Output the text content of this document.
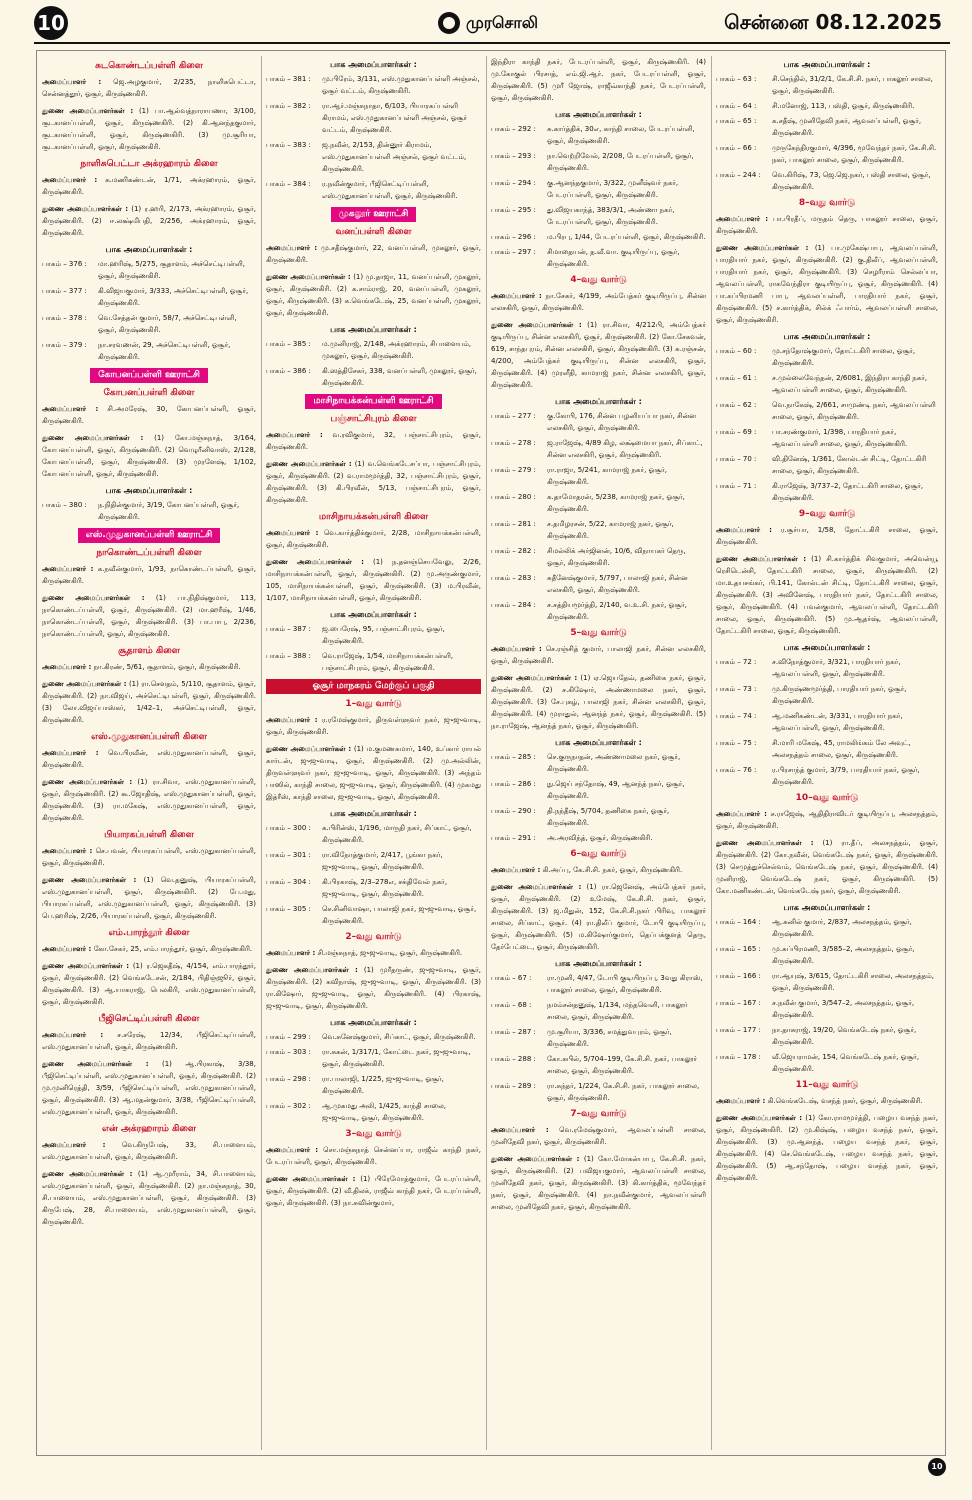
10	முரசொலி	சென்னை 08.12.2025
சுடகொண்டப்பள்ளி கிளை

அமைப்பாளர் : ஜெ.அழகுமார், 2/235, நாளிசுபெட்டா, சென்னத்தூர், ஓசூர், கிருஷ்ணகிரி.

துணை அமைப்பாளர்கள் : (1) பா.ஆல்வத்நாராயணா, 3/100, சூடகானப்பள்ளி, ஓசூர், கிருஷ்ணகிரி. (2) கி.ஆனந்தகுமார், சூடகானப்பள்ளி, ஓசூர், கிருஷ்ணகிரி. (3) மு.சூரியா, சூடகானப்பள்ளி, ஓசூர், கிருஷ்ணகிரி.

நாளிசுபெட்டா அக்ரஹாரம் கிளை

அமைப்பாளர் : க.மணிகண்டன், 1/71, அக்ரஹாரம், ஓசூர், கிருஷ்ணகிரி.

துணை அமைப்பாளர்கள் : (1) ர.ஹரி, 2/173, அக்ரஹாரம், ஓசூர், கிருஷ்ணகிரி. (2) ஈ.லக்ஷ்மிபதி, 2/256, அக்ரஹாரம், ஓசூர், கிருஷ்ணகிரி.

பாக அமைப்பாளர்கள் :
பாகம் – 376 :	மா.ஹரிஷ், 5/275, சூதாளம், அச்செட்டிபள்ளி, ஓசூர், கிருஷ்ணகிரி.
பாகம் – 377 :	கி.விஜயகுமார், 3/333, அச்செட்டிபள்ளி, ஓசூர், கிருஷ்ணகிரி.
பாகம் – 378 :	வெ.சேத்தன் குமார், 58/7, அச்செட்டிபள்ளி, ஓசூர், கிருஷ்ணகிரி.
பாகம் – 379 :	நா.சரவணன், 29, அச்செட்டிபள்ளி, ஓசூர், கிருஷ்ணகிரி.
கோபனப்பள்ளி ஊராட்சி
கோபனப்பள்ளி கிளை

அமைப்பாளர் : சி.அமரேஷ், 30, கோபனப்பள்ளி, ஓசூர், கிருஷ்ணகிரி.

துணை அமைப்பாளர்கள் : (1) கோ.மஞ்சுநாத், 3/164, கோபனப்பள்ளி, ஓசூர், கிருஷ்ணகிரி. (2) வெழுரீனிவாஸ், 2/128, கோபனப்பள்ளி, ஓசூர், கிருஷ்ணகிரி. (3) முரளேஷ், 1/102, கோபனப்பள்ளி, ஓசூர், கிருஷ்ணகிரி.

பாக அமைப்பாளர்கள் :
பாகம் – 380 :	ந.நிதின்குமார், 3/19, கோபனப்பள்ளி, ஓசூர், கிருஷ்ணகிரி.
எஸ்.முதுகானப்பள்ளி ஊராட்சி
நாகொண்டப்பள்ளி கிளை

அமைப்பாளர் : க.நவீன்குமார், 1/93, நாகொண்டப்பள்ளி, ஓசூர், கிருஷ்ணகிரி.

துணை அமைப்பாளர்கள் : (1) பா.நிதிஷ்குமார், 113, நாகொண்டப்பள்ளி, ஓசூர், கிருஷ்ணகிரி. (2) மா.ஹரீஷ், 1/46, நாகொண்டப்பள்ளி, ஓசூர், கிருஷ்ணகிரி. (3) பா.பாபு, 2/236, நாகொண்டப்பள்ளி, ஓசூர், கிருஷ்ணகிரி.

சூதாளம் கிளை

அமைப்பாளர் : நா.கிரண், 5/61, சூதாளம், ஓசூர், கிருஷ்ணகிரி.

துணை அமைப்பாளர்கள் : (1) ரா.சௌதம், 5/110, சூதாளம், ஓசூர், கிருஷ்ணகிரி. (2) நா.விஜய், அச்செட்டிபள்ளி, ஓசூர், கிருஷ்ணகிரி. (3) லோ.விஜய்பாஸ்கர், 1/42–1, அச்செட்டிபள்ளி, ஓசூர், கிருஷ்ணகிரி.

எஸ்.முதுகானப்பள்ளி கிளை

அமைப்பாளர் : வெ.பிரவீன், எஸ்.முதுகானப்பள்ளி, ஓசூர், கிருஷ்ணகிரி.

துணை அமைப்பாளர்கள் : (1) ரா.சிவா, எஸ்.முதுகானப்பள்ளி, ஓசூர், கிருஷ்ணகிரி. (2) கூ.ஜோதிஷ், எஸ்.முதுகானப்பள்ளி, ஓசூர், கிருஷ்ணகிரி. (3) ரா.மகேஷ், எஸ்.முதுகானப்பள்ளி, ஓசூர், கிருஷ்ணகிரி.

பியாரகப்பள்ளி கிளை

அமைப்பாளர் : செ.பவன், பியாரகப்பள்ளி, எஸ்.முதுகானப்பள்ளி, ஓசூர், கிருஷ்ணகிரி.

துணை அமைப்பாளர்கள் : (1) வெ.தனுஷ், பியாரகப்பள்ளி, எஸ்.முதுகானப்பள்ளி, ஓசூர், கிருஷ்ணகிரி. (2) பே.மது, பியாரகப்பள்ளி, எஸ்.முதுகானப்பள்ளி, ஓசூர், கிருஷ்ணகிரி. (3) பெ.ஹரிஷ், 2/26, பியாரகப்பள்ளி, ஓசூர், கிருஷ்ணகிரி.

எம்.பாரந்தூர் கிளை

அமைப்பாளர் : கோ.சேகர், 25, எம்.பாரந்தூர், ஓசூர், கிருஷ்ணகிரி.

துணை அமைப்பாளர்கள் : (1) ர.ஜெகதீஷ், 4/154, எம்.பாரந்தூர், ஓசூர், கிருஷ்ணகிரி. (2) வெங்கடேசன், 2/184, பிதிஞ்ஜூர், ஓசூர், கிருஷ்ணகிரி. (3) ஆ.யாசுராஜ், பெலகிரி, எஸ்.முதுகானப்பள்ளி, ஓசூர், கிருஷ்ணகிரி.

பீஜிசெட்டிப்பள்ளி கிளை

அமைப்பாளர் : ச.சரேஷ், 12/34, பீஜிசெட்டிப்பள்ளி, எஸ்.முதுகானப்பள்ளி, ஓசூர், கிருஷ்ணகிரி.

துணை அமைப்பாளர்கள் : (1) ஆ.பிரகாஷ், 3/38, பீஜிசெட்டிப்பள்ளி, எஸ்.முதுகானப்பள்ளி, ஓசூர், கிருஷ்ணகிரி. (2) மு.முனிரெத்தி, 3/59, பீஜிசெட்டிப்பள்ளி, எஸ்.முதுகானப்பள்ளி, ஓசூர், கிருஷ்ணகிரி. (3) ஆ.மதன்குமார், 3/38, பீஜிசெட்டிப்பள்ளி, எஸ்.முதுகானப்பள்ளி, ஓசூர், கிருஷ்ணகிரி.

என் அக்ரஹாரம் கிளை

அமைப்பாளர் : வெ.கிருபேஷ், 33, சி.பாளையம், எஸ்.முதுகானப்பள்ளி, ஓசூர், கிருஷ்ணகிரி.

துணை அமைப்பாளர்கள் : (1) ஆ.முரீராம், 34, சி.பாளையம், எஸ்.முதுகானப்பள்ளி, ஓசூர், கிருஷ்ணகிரி. (2) நா.மஞ்சுநாத், 30, சி.பாளையம், எஸ்.முதுகானப்பள்ளி, ஓசூர், கிருஷ்ணகிரி. (3) கிருபேஷ், 28, சி.பாளையம், எஸ்.முதுகானப்பள்ளி, ஓசூர், கிருஷ்ணகிரி.

பாக அமைப்பாளர்கள் :
பாகம் – 381 :	மு.பிரேம், 3/131, எஸ்.முதுகானப்பள்ளி அஞ்சல், ஓசூர் வட்டம், கிருஷ்ணகிரி.
பாகம் – 382 :	ரா.ஆர்.மஞ்சுநாதா, 6/103, பியாரகப்பள்ளி கிராமம், எஸ்.முதுகானப்பள்ளி அஞ்சல், ஓசூர் வட்டம், கிருஷ்ணகிரி.
பாகம் – 383 :	ஜ.நவீன், 2/153, தின்னூர் கிராமம், எஸ்.முதுகானப்பள்ளி அஞ்சல், ஓசூர் வட்டம், கிருஷ்ணகிரி.
பாகம் – 384 :	ர.நவீன்குமார், பீஜிசெட்டிப்பள்ளி, எஸ்.முதுகானப்பள்ளி, ஓசூர், கிருஷ்ணகிரி.
முகலூர் ஊராட்சி
வனப்பள்ளி கிளை

அமைப்பாளர் : மு.சதீஷ்குமார், 22, வனப்பள்ளி, முகலூர், ஓசூர், கிருஷ்ணகிரி.

துணை அமைப்பாளர்கள் : (1) மு.தாஜா, 11, வனப்பள்ளி, முகலூர், ஓசூர், கிருஷ்ணகிரி. (2) க.சாம்ராஜ், 20, வனப்பள்ளி, முகலூர், ஓசூர், கிருஷ்ணகிரி. (3) க.வெங்கடேஷ், 25, வனப்பள்ளி, முகலூர், ஓசூர், கிருஷ்ணகிரி.

பாக அமைப்பாளர்கள் :
பாகம் – 385 :	ம.முனிராஜ், 2/148, அக்ரஹாரம், சிபாளையம், முகலூர், ஓசூர், கிருஷ்ணகிரி.
பாகம் – 386 :	கி.ஸத்திசேகர், 338, வனப்பள்ளி, முகலூர், ஓசூர், கிருஷ்ணகிரி.
மாசிநாயக்கன்பள்ளி ஊராட்சி
பஞ்சாட்சிபுரம் கிளை

அமைப்பாளர் : வ.ரவிகுமார், 32, பஞ்சாட்சிபுரம், ஓசூர், கிருஷ்ணகிரி.

துணை அமைப்பாளர்கள் : (1) வ.வெங்கடேசப்பா, பஞ்சாட்சிபுரம், ஓசூர், கிருஷ்ணகிரி. (2) வ.ராமமூர்த்தி, 32, பஞ்சாட்சிபுரம், ஓசூர், கிருஷ்ணகிரி. (3) கி.பிரவீன், 5/13, பஞ்சாட்சிபுரம், ஓசூர், கிருஷ்ணகிரி.

மாசிநாயக்கன்பள்ளி கிளை

அமைப்பாளர் : வெ.கார்த்திக்குமார், 2/28, மாசிநாயக்கன்பள்ளி, ஓசூர், கிருஷ்ணகிரி.

துணை அமைப்பாளர்கள் : (1) ந.தனஞ்செயவேலு, 2/26, மாசிநாயக்கன்பள்ளி, ஓசூர், கிருஷ்ணகிரி. (2) மு.அருண்குமார், 105, மாசிநாயக்கன்பள்ளி, ஓசூர், கிருஷ்ணகிரி. (3) ம.பிரவீன், 1/107, மாசிநாயக்கன்பள்ளி, ஓசூர், கிருஷ்ணகிரி.

பாக அமைப்பாளர்கள் :
பாகம் – 387 :	ஜ.பைரேஷ், 95, பஞ்சாட்சிபுரம், ஓசூர், கிருஷ்ணகிரி.
பாகம் – 388 :	வெ.ராஜேஷ், 1/54, மாசிநாயக்கன்பள்ளி, பஞ்சாட்சிபுரம், ஓசூர், கிருஷ்ணகிரி.
ஓசூர் மாநகரம் மேற்குப் பகுதி
1–வது வார்டு

அமைப்பாளர் : ர.ரமேஷ்குமார், திருவள்ளுவர் நகர், ஜுஜுவாடி, ஓசூர், கிருஷ்ணகிரி.

துணை அமைப்பாளர்கள் : (1) ம.குமணசுமார், 140, உப்கார் ராயல் கார்டன், ஜுஜுவாடி, ஓசூர், கிருஷ்ணகிரி. (2) மு.அல்லின், திருவள்ளுவர் நகர், ஜுஜுவாடி, ஓசூர், கிருஷ்ணகிரி. (3) அந்தம் பாஸில், காந்தி சாலை, ஜுஜுவாடி, ஓசூர், கிருஷ்ணகிரி. (4) முகமது இத்ரீஸ், காந்தி சாலை, ஜுஜுவாடி, ஓசூர், கிருஷ்ணகிரி.

பாக அமைப்பாளர்கள் :
பாகம் – 300 :	க.பிரின்ஸ், 1/196, மாருதி நகர், சிப்காட், ஓசூர், கிருஷ்ணகிரி.
பாகம் – 301 :	ரா.விநோத்குமார், 2/417, பூங்கா நகர், ஜுஜுவாடி, ஓசூர், கிருஷ்ணகிரி.
பாகம் – 304 :	கி.பிரகாஷ், 2/3–278எ, சக்திவேல் நகர், ஜுஜுவாடி, ஓசூர், கிருஷ்ணகிரி.
பாகம் – 305 :	செ.சினிவாஷா, பாலாஜி நகர், ஜுஜுவாடி, ஓசூர், கிருஷ்ணகிரி.
2–வது வார்டு

அமைப்பாளர் : சி.மஞ்சுநாத், ஜுஜுவாடி, ஓசூர், கிருஷ்ணகிரி.

துணை அமைப்பாளர்கள் : (1) முரீதருண், ஜுஜுவாடி, ஓசூர், கிருஷ்ணகிரி. (2) கவிநாஷ், ஜுஜுவாடி, ஓசூர், கிருஷ்ணகிரி. (3) ரா.கிஷோர், ஜுஜுவாடி, ஓசூர், கிருஷ்ணகிரி. (4) பிரகாஷ், ஜுஜுவாடி, ஓசூர், கிருஷ்ணகிரி.

பாக அமைப்பாளர்கள் :
பாகம் – 299 :	வெ.சுனேஷ்குமார், சிப்காட், ஓசூர், கிருஷ்ணகிரி.
பாகம் – 303 :	ரா.சுகன், 1/317/1, கோட்டை நகர், ஜுஜுவாடி, ஓசூர், கிருஷ்ணகிரி.
பாகம் – 298 :	ரா.பாலாஜி, 1/225, ஜுஜுவாடி, ஓசூர், கிருஷ்ணகிரி.
பாகம் – 302 :	ஆ.முகமது அலி, 1/425, காந்தி சாலை, ஜுஜுவாடி, ஓசூர், கிருஷ்ணகிரி.
3–வது வார்டு

அமைப்பாளர் : சொ.மஞ்சுநாத் சென்னப்பா, ராஜீவ் காந்தி நகர், பேடரப்பள்ளி, ஓசூர், கிருஷ்ணகிரி.

துணை அமைப்பாளர்கள் : (1) பிரேமோத்குமார், பேடரப்பள்ளி, ஓசூர், கிருஷ்ணகிரி. (2) வீ.திலக், ராஜீவ் காந்தி நகர், பேடரப்பள்ளி, ஓசூர், கிருஷ்ணகிரி. (3) நா.சுவின்குமார்,

இந்திரா காந்தி நகர், பேடரப்பள்ளி, ஓசூர், கிருஷ்ணகிரி. (4) மு.கோகுல் பிரசாத், எம்.ஜி.ஆர். நகர், பேடரப்பள்ளி, ஓசூர், கிருஷ்ணகிரி. (5) முரீ ஜோஷ், ராஜீவ்காந்தி நகர், பேடரப்பள்ளி, ஓசூர், கிருஷ்ணகிரி.

பாக அமைப்பாளர்கள் :
பாகம் – 292 :	சு.கார்த்திக், 30எ, காந்தி சாலை, பேடரப்பள்ளி, ஓசூர், கிருஷ்ணகிரி.
பாகம் – 293 :	நா.வெற்றிவேல், 2/208, பேடரப்பள்ளி, ஓசூர், கிருஷ்ணகிரி.
பாகம் – 294 :	கு.ஆனந்தகுமார், 3/322, முனீஷ்வர் நகர், பேடரப்பள்ளி, ஓசூர், கிருஷ்ணகிரி.
பாகம் – 295 :	து.விஜயகாந்த், 383/3/1, அண்ணா நகர், பேடரப்பள்ளி, ஓசூர், கிருஷ்ணகிரி.
பாகம் – 296 :	ம.பிரபு, 1/44, பேடரப்பள்ளி, ஓசூர், கிருஷ்ணகிரி.
பாகம் – 297 :	சிமாதையன், த.வீ.வா. குடியிருப்பு, ஓசூர், கிருஷ்ணகிரி.
4–வது வார்டு

அமைப்பாளர் : நா.சேகர், 4/199, அம்பேத்கர் குடியிருப்பு, சின்ன எலசகிரி, ஓசூர், கிருஷ்ணகிரி.

துணை அமைப்பாளர்கள் : (1) ரா.சிவா, 4/212பி, அம்பேத்கர் குடியிருப்பு, சின்ன எலசகிரி, ஓசூர், கிருஷ்ணகிரி. (2) கோ.சேகவன், 619, சாந்தபுரம், சின்ன எலசகிரி, ஓசூர், கிருஷ்ணகிரி. (3) சு.ரஞ்சன், 4/200, அம்பேத்கர் குடியிருப்பு, சின்ன எலசகிரி, ஓசூர், கிருஷ்ணகிரி. (4) முரளீதி, காமராஜ் நகர், சின்ன எலசகிரி, ஓசூர், கிருஷ்ணகிரி.

பாக அமைப்பாளர்கள் :
பாகம் – 277 :	கு.கோபி, 176, சின்ன பழனியப்பா நகர், சின்ன எலசகிரி, ஓசூர், கிருஷ்ணகிரி.
பாகம் – 278 :	ஜ.ராஜேஷ், 4/89 கிழ, லக்ஷ்மையா நகர், சிப்காட், சின்ன எலசகிரி, ஓசூர், கிருஷ்ணகிரி.
பாகம் – 279 :	ரா.ராஜா, 5/241, காமராஜ் நகர், ஓசூர், கிருஷ்ணகிரி.
பாகம் – 280 :	க.தாமோதரன், 5/238, காமராஜ் நகர், ஓசூர், கிருஷ்ணகிரி.
பாகம் – 281 :	ச.தமிழரசன், 5/22, காமராஜ் நகர், ஓசூர், கிருஷ்ணகிரி.
பாகம் – 282 :	சிமல்லிக் அர்ஜினன், 10/6, விநாயகர் தெரு, ஓசூர், கிருஷ்ணகிரி.
பாகம் – 283 :	சுதீனேஷ்குமார், 5/797, பாலாஜி நகர், சின்ன எலசகிரி, ஓசூர், கிருஷ்ணகிரி.
பாகம் – 284 :	ச.சத்தியமூர்த்தி, 2/140, வ.உ.சி. நகர், ஓசூர், கிருஷ்ணகிரி.
5–வது வார்டு

அமைப்பாளர் : செ.ரஞ்சித் குமார், பாலாஜி நகர், சின்ன எலசகிரி, ஓசூர், கிருஷ்ணகிரி.

துணை அமைப்பாளர்கள் : (1) ஏ.ஜெயதேவ், தணிகை நகர், ஓசூர், கிருஷ்ணகிரி. (2) ச.கிஷோர், அண்ணாமலை நகர், ஓசூர், கிருஷ்ணகிரி. (3) சே.புகழ், பாலாஜி நகர், சின்ன எலசகிரி, ஓசூர், கிருஷ்ணகிரி. (4) முராதுல், ஆனந்த் நகர், ஓசூர், கிருஷ்ணகிரி. (5) நா.ராஜேஷ், ஆனந்த் நகர், ஓசூர், கிருஷ்ணகிரி.

பாக அமைப்பாளர்கள் :
பாகம் – 285 :	செ.குருநாதன், அண்ணாமலை நகர், ஓசூர், கிருஷ்ணகிரி.
பாகம் – 286 :	நு.ஜெய் சந்தோஷ், 49, ஆனந்த் நகர், ஓசூர், கிருஷ்ணகிரி.
பாகம் – 290 :	தி.நந்தீஷ், 5/704, தணிகை நகர், ஓசூர், கிருஷ்ணகிரி.
பாகம் – 291 :	அ.அரவிந்த், ஓசூர், கிருஷ்ணகிரி.
6–வது வார்டு

அமைப்பாளர் : கி.அப்பு, கே.சி.சி. நகர், ஓசூர், கிருஷ்ணகிரி.

துணை அமைப்பாளர்கள் : (1) ரா.ஜெனேஷ், அம்பேத்கர் நகர், ஓசூர், கிருஷ்ணகிரி. (2) உமேஷ், கே.சி.சி. நகர், ஓசூர், கிருஷ்ணகிரி. (3) ஜ.மிதுன், 152, கே.சி.சி.நகர் பிரிவு, பாகலூர் சாலை, சிப்காட், ஓசூர். (4) ரா.திலீப் குமார், டோபி குடியிருப்பு, ஓசூர், கிருஷ்ணகிரி. (5) ம.கிஷோர்குமார், தெப்பக்குளத் தெரு, தேர்பேட்டை, ஓசூர், கிருஷ்ணகிரி.

பாக அமைப்பாளர்கள் :
பாகம் – 67 :	ரா.முனி, 4/47, டோபி குடியிருப்பு, 3வது கிராஸ், பாகலூர் சாலை, ஓசூர், கிருஷ்ணகிரி.
பாகம் – 68 :	நமம்சன்தனுஷ், 1/134, மந்தவெளி, பாகலூர் சாலை, ஓசூர், கிருஷ்ணகிரி.
பாகம் – 287 :	மு.சூரியா, 3/336, சமத்துவபுரம், ஓசூர், கிருஷ்ணகிரி.
பாகம் – 288 :	கோ.சுபில், 5/704–199, கே.சி.சி. நகர், பாகலூர் சாலை, ஓசூர், கிருஷ்ணகிரி.
பாகம் – 289 :	ரா.சுந்தர், 1/224, கே.சி.சி. நகர், பாகலூர் சாலை, ஓசூர், கிருஷ்ணகிரி.
7–வது வார்டு

அமைப்பாளர் : வெ.ரமேஷ்குமார், ஆவலப்பள்ளி சாலை, முனிதேவி நகர், ஓசூர், கிருஷ்ணகிரி.

துணை அமைப்பாளர்கள் : (1) கோ.மோகன்பாபு, கே.சி.சி. நகர், ஓசூர், கிருஷ்ணகிரி. (2) பவிஜயகுமார், ஆவலப்பள்ளி சாலை, முனிதேவி நகர், ஓசூர், கிருஷ்ணகிரி. (3) கி.கார்த்திக், மூவேந்தர் நகர், ஓசூர், கிருஷ்ணகிரி. (4) நா.நவீன்குமார், ஆவலப்பள்ளி சாலை, முனிதேவி நகர், ஓசூர், கிருஷ்ணகிரி.

பாக அமைப்பாளர்கள் :
பாகம் – 63 :	சி.செந்தில், 31/2/1, கே.சி.சி. நகர், பாகலூர் சாலை, ஓசூர், கிருஷ்ணகிரி.
பாகம் – 64 :	சி.மனோஜ், 113, பஸ்தி, ஓசூர், கிருஷ்ணகிரி.
பாகம் – 65 :	க.சதீஷ், முனிதேவி நகர், ஆவலப்பள்ளி, ஓசூர், கிருஷ்ணகிரி.
பாகம் – 66 :	முருகேந்திரகுமார், 4/396, மூவேந்தர் நகர், கே.சி.சி. நகர், பாகலூர் சாலை, ஓசூர், கிருஷ்ணகிரி.
பாகம் – 244 :	வெ.கிரிஷ், 73, ஜெ.ஜெ.நகர், பஸ்தி சாலை, ஓசூர், கிருஷ்ணகிரி.
8–வது வார்டு

அமைப்பாளர் : பா.பிரதீப், மருதம் தெரு, பாகலூர் சாலை, ஓசூர், கிருஷ்ணகிரி.

துணை அமைப்பாளர்கள் : (1) பா.முகேஷ்பாபு, ஆவலப்பள்ளி, பாரதியார் நகர், ஓசூர், கிருஷ்ணகிரி. (2) கு.திலீப், ஆவலப்பள்ளி, பாரதியார் நகர், ஓசூர், கிருஷ்ணகிரி. (3) செழரீராம் செல்லப்பா, ஆவலப்பள்ளி, ராகவேந்திரா குடியிருப்பு, ஓசூர், கிருஷ்ணகிரி. (4) பா.கப்பிரமணி பாபு, ஆவலப்பள்ளி, பாரதியார் நகர், ஓசூர், கிருஷ்ணகிரி. (5) ச.கார்த்திக், சில்க் ஃபார்ம், ஆவலப்பள்ளி சாலை, ஓசூர், கிருஷ்ணகிரி.

பாக அமைப்பாளர்கள் :
பாகம் – 60 :	மு.சந்தோஷ்குமார், தோட்டகிரி சாலை, ஓசூர், கிருஷ்ணகிரி.
பாகம் – 61 :	ச.முல்லைவேந்தன், 2/6081, இந்திரா காந்தி நகர், ஆவலப்பள்ளி சாலை, ஓசூர், கிருஷ்ணகிரி.
பாகம் – 62 :	வெ.நாகேஷ், 2/661, சாமுண்டி நகர், ஆவலப்பள்ளி சாலை, ஓசூர், கிருஷ்ணகிரி.
பாகம் – 69 :	பா.சரண்குமார், 1/398, பாரதியார் நகர், ஆவலப்பள்ளி சாலை, ஓசூர், கிருஷ்ணகிரி.
பாகம் – 70 :	வி.தினேஷ், 1/361, கோல்டன் சிட்டி, தோட்டகிரி சாலை, ஓசூர், கிருஷ்ணகிரி.
பாகம் – 71 :	கி.ராஜேஷ், 3/737–2, தோட்டகிரி சாலை, ஓசூர், கிருஷ்ணகிரி.
9–வது வார்டு

அமைப்பாளர் : ர.சூர்யா, 1/58, தோட்டகிரி சாலை, ஓசூர், கிருஷ்ணகிரி.

துணை அமைப்பாளர்கள் : (1) சி.கார்த்திக் சிவகுமார், அவென்யூ ரெசிடென்சி, தோட்டகிரி சாலை, ஓசூர், கிருஷ்ணகிரி. (2) மா.உதயசங்கர், பி.141, கோல்டன் சிட்டி, தோட்டகிரி சாலை, ஓசூர், கிருஷ்ணகிரி. (3) அவினேஷ், பாரதியார் நகர், தோட்டகிரி சாலை, ஓசூர், கிருஷ்ணகிரி. (4) பவன்குமார், ஆவலப்பள்ளி, தோட்டகிரி சாலை, ஓசூர், கிருஷ்ணகிரி. (5) மு.ஆதர்ஷ், ஆவலப்பள்ளி, தோட்டகிரி சாலை, ஓசூர், கிருஷ்ணகிரி.

பாக அமைப்பாளர்கள் :
பாகம் – 72 :	ச.விநோத்குமார், 3/321, பாரதியார் நகர், ஆவலப்பள்ளி, ஓசூர், கிருஷ்ணகிரி.
பாகம் – 73 :	மு.கிருஷ்ணமூர்த்தி, பாரதியார் நகர், ஓசூர், கிருஷ்ணகிரி.
பாகம் – 74 :	ஆ.மணிகண்டன், 3/331, பாரதியார் நகர், ஆவலப்பள்ளி, ஓசூர், கிருஷ்ணகிரி.
பாகம் – 75 :	சி.மாரி மகேஷ், 45, ராமலிங்கம் லே அவுட், அலசநத்தம் சாலை, ஓசூர், கிருஷ்ணகிரி.
பாகம் – 76 :	ர.பிரசாந்த் குமார், 3/79, பாரதியார் நகர், ஓசூர், கிருஷ்ணகிரி.
10–வது வார்டு

அமைப்பாளர் : ச.ராஜேஷ், ஆதிதிராவிடர் குடியிருப்பு, அலசநத்தம், ஓசூர், கிருஷ்ணகிரி.

துணை அமைப்பாளர்கள் : (1) ரா.தீப், அலசநத்தம், ஓசூர், கிருஷ்ணகிரி. (2) கோ.நவீன், வெங்கடேஷ் நகர், ஓசூர், கிருஷ்ணகிரி. (3) செமுத்துச்செல்வம், வெங்கடேஷ் நகர், ஓசூர், கிருஷ்ணகிரி. (4) முனிராஜ், வெங்கடேஷ் நகர், ஓசூர், கிருஷ்ணகிரி. (5) கோ.மணிகண்டன், வெங்கடேஷ் நகர், ஓசூர், கிருஷ்ணகிரி.

பாக அமைப்பாளர்கள் :
பாகம் – 164 :	ஆ.சுனில் குமார், 2/837, அலசநத்தம், ஓசூர், கிருஷ்ணகிரி.
பாகம் – 165 :	மு.சுப்பிரமணி, 3/585–2, அலசநத்தம், ஓசூர், கிருஷ்ணகிரி.
பாகம் – 166 :	ரா.ஆயுஷ், 3/615, தோட்டகிரி சாலை, அலசநத்தம், ஓசூர், கிருஷ்ணகிரி.
பாகம் – 167 :	ச.நவீன் குமார், 3/547–2, அலசநத்தம், ஓசூர், கிருஷ்ணகிரி.
பாகம் – 177 :	நா.தாசுராஜ், 19/20, வெங்கடேஷ் நகர், ஓசூர், கிருஷ்ணகிரி.
பாகம் – 178 :	வீ.ஜெயராமன், 154, வெங்கடேஷ் நகர், ஓசூர், கிருஷ்ணகிரி.
11–வது வார்டு

அமைப்பாளர் : கி.வெங்கடேஷ், வசந்த் நகர், ஓசூர், கிருஷ்ணகிரி.

துணை அமைப்பாளர்கள் : (1) கோ.ராமமூர்த்தி, பழைய வசந்த் நகர், ஓசூர், கிருஷ்ணகிரி. (2) மு.கிஷ்ஷ், பழைய வசந்த் நகர், ஓசூர், கிருஷ்ணகிரி. (3) மு.ஆனந்த், பழைய வசந்த் நகர், ஓசூர், கிருஷ்ணகிரி. (4) செ.வெங்கடேஷ், பழைய வசந்த் நகர், ஓசூர், கிருஷ்ணகிரி. (5) ஆ.சந்தோஷ், பழைய வசந்த் நகர், ஓசூர், கிருஷ்ணகிரி.

10
